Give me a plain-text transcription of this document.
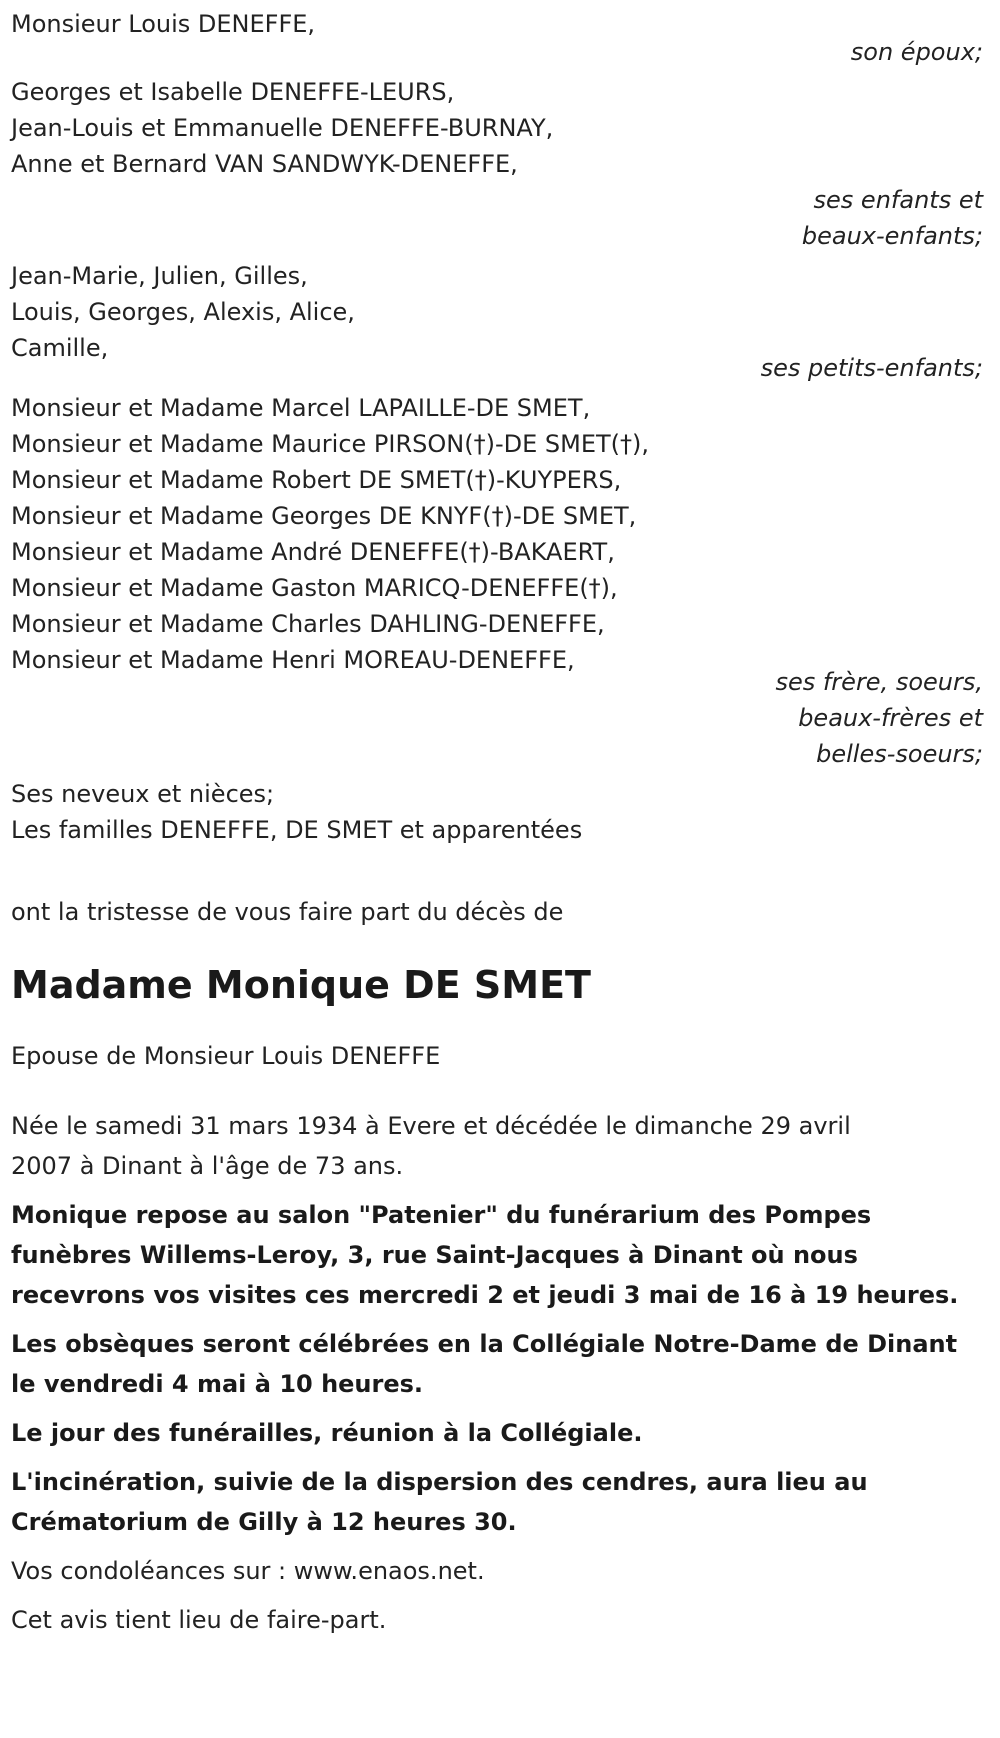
Monsieur Louis DENEFFE,
son époux;
Georges et Isabelle DENEFFE-LEURS,
Jean-Louis et Emmanuelle DENEFFE-BURNAY,
Anne et Bernard VAN SANDWYK-DENEFFE,
ses enfants et
beaux-enfants;
Jean-Marie, Julien, Gilles,
Louis, Georges, Alexis, Alice,
Camille,
ses petits-enfants;
Monsieur et Madame Marcel LAPAILLE-DE SMET,
Monsieur et Madame Maurice PIRSON(†)-DE SMET(†),
Monsieur et Madame Robert DE SMET(†)-KUYPERS,
Monsieur et Madame Georges DE KNYF(†)-DE SMET,
Monsieur et Madame André DENEFFE(†)-BAKAERT,
Monsieur et Madame Gaston MARICQ-DENEFFE(†),
Monsieur et Madame Charles DAHLING-DENEFFE,
Monsieur et Madame Henri MOREAU-DENEFFE,
ses frère, soeurs,
beaux-frères et
belles-soeurs;
Ses neveux et nièces;
Les familles DENEFFE, DE SMET et apparentées
ont la tristesse de vous faire part du décès de
Madame Monique DE SMET
Epouse de Monsieur Louis DENEFFE
Née le samedi 31 mars 1934 à Evere et décédée le dimanche 29 avril 2007 à Dinant à l'âge de 73 ans.
Monique repose au salon "Patenier" du funérarium des Pompes funèbres Willems-Leroy, 3, rue Saint-Jacques à Dinant où nous recevrons vos visites ces mercredi 2 et jeudi 3 mai de 16 à 19 heures.
Les obsèques seront célébrées en la Collégiale Notre-Dame de Dinant le vendredi 4 mai à 10 heures.
Le jour des funérailles, réunion à la Collégiale.
L'incinération, suivie de la dispersion des cendres, aura lieu au Crématorium de Gilly à 12 heures 30.
Vos condoléances sur : www.enaos.net.
Cet avis tient lieu de faire-part.
